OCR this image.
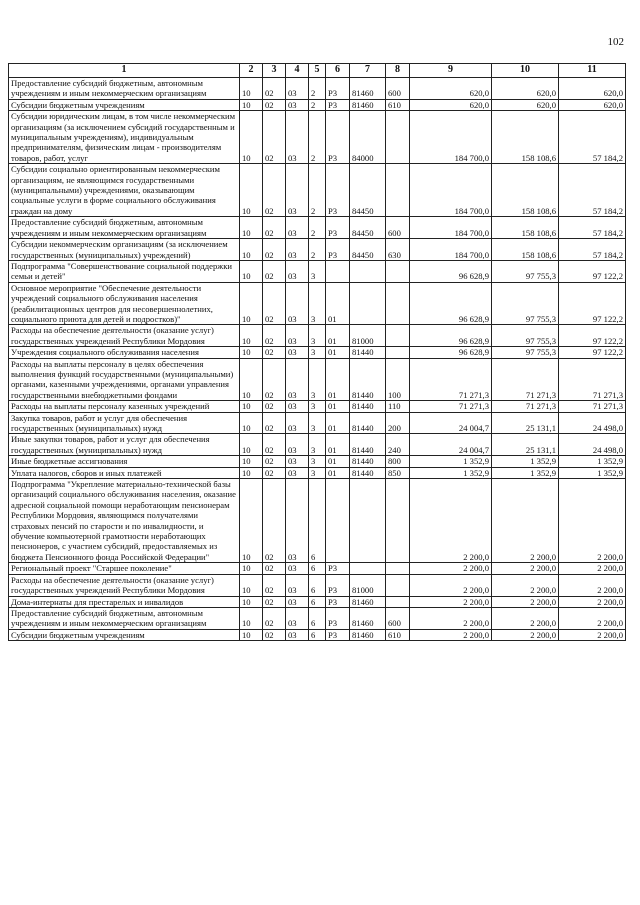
102
1	2	3	4	5	6	7	8	9	10	11
Предоставление субсидий бюджетным, автономным учреждениям и иным некоммерческим организациям	10	02	03	2	P3	81460	600	620,0	620,0	620,0
Субсидии бюджетным учреждениям	10	02	03	2	P3	81460	610	620,0	620,0	620,0
Субсидии юридическим лицам, в том числе некоммерческим организациям (за исключением субсидий государственным и муниципальным учреждениям), индивидуальным предпринимателям, физическим лицам - производителям товаров, работ, услуг	10	02	03	2	P3	84000		184 700,0	158 108,6	57 184,2
Субсидии социально ориентированным некоммерческим организациям, не являющимся государственными (муниципальными) учреждениями, оказывающим социальные услуги в форме социального обслуживания граждан на дому	10	02	03	2	P3	84450		184 700,0	158 108,6	57 184,2
Предоставление субсидий бюджетным, автономным учреждениям и иным некоммерческим организациям	10	02	03	2	P3	84450	600	184 700,0	158 108,6	57 184,2
Субсидии некоммерческим организациям (за исключением государственных (муниципальных) учреждений)	10	02	03	2	P3	84450	630	184 700,0	158 108,6	57 184,2
Подпрограмма "Совершенствование социальной поддержки семьи и детей"	10	02	03	3				96 628,9	97 755,3	97 122,2
Основное мероприятие "Обеспечение деятельности учреждений социального обслуживания населения (реабилитационных центров для несовершеннолетних, социального приюта для детей и подростков)"	10	02	03	3	01			96 628,9	97 755,3	97 122,2
Расходы на обеспечение деятельности (оказание услуг) государственных учреждений Республики Мордовия	10	02	03	3	01	81000		96 628,9	97 755,3	97 122,2
Учреждения социального обслуживания населения	10	02	03	3	01	81440		96 628,9	97 755,3	97 122,2
Расходы на выплаты персоналу в целях обеспечения выполнения функций государственными (муниципальными) органами, казенными учреждениями, органами управления государственными внебюджетными фондами	10	02	03	3	01	81440	100	71 271,3	71 271,3	71 271,3
Расходы на выплаты персоналу казенных учреждений	10	02	03	3	01	81440	110	71 271,3	71 271,3	71 271,3
Закупка товаров, работ и услуг для обеспечения государственных (муниципальных) нужд	10	02	03	3	01	81440	200	24 004,7	25 131,1	24 498,0
Иные закупки товаров, работ и услуг для обеспечения государственных (муниципальных) нужд	10	02	03	3	01	81440	240	24 004,7	25 131,1	24 498,0
Иные бюджетные ассигнования	10	02	03	3	01	81440	800	1 352,9	1 352,9	1 352,9
Уплата налогов, сборов и иных платежей	10	02	03	3	01	81440	850	1 352,9	1 352,9	1 352,9
Подпрограмма "Укрепление материально-технической базы организаций социального обслуживания населения, оказание адресной социальной помощи неработающим пенсионерам Республики Мордовия, являющимся получателями страховых пенсий по старости и по инвалидности, и обучение компьютерной грамотности неработающих пенсионеров, с участием субсидий, предоставляемых из бюджета Пенсионного фонда Российской Федерации"	10	02	03	6				2 200,0	2 200,0	2 200,0
Региональный проект "Старшее поколение"	10	02	03	6	P3			2 200,0	2 200,0	2 200,0
Расходы на обеспечение деятельности (оказание услуг) государственных учреждений Республики Мордовия	10	02	03	6	P3	81000		2 200,0	2 200,0	2 200,0
Дома-интернаты для престарелых и инвалидов	10	02	03	6	P3	81460		2 200,0	2 200,0	2 200,0
Предоставление субсидий бюджетным, автономным учреждениям и иным некоммерческим организациям	10	02	03	6	P3	81460	600	2 200,0	2 200,0	2 200,0
Субсидии бюджетным учреждениям	10	02	03	6	P3	81460	610	2 200,0	2 200,0	2 200,0
